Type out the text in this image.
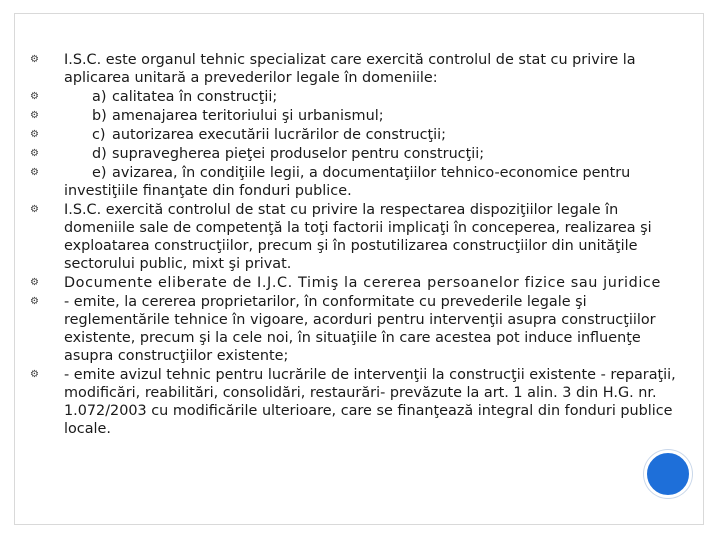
⚙ I.S.C. este organul tehnic specializat care exercită controlul de stat cu privire la aplicarea unitară a prevederilor legale în domeniile:
⚙	a) calitatea în construcţii;
⚙	b) amenajarea teritoriului şi urbanismul;
⚙	c) autorizarea executării lucrărilor de construcţii;
⚙	d) supravegherea pieţei produselor pentru construcţii;
⚙	e) avizarea, în condiţiile legii, a documentaţiilor tehnico-economice pentru investiţiile finanţate din fonduri publice.
⚙ I.S.C. exercită controlul de stat cu privire la respectarea dispoziţiilor legale în domeniile sale de competenţă la toţi factorii implicaţi în conceperea, realizarea şi exploatarea construcţiilor, precum şi în postutilizarea construcţiilor din unităţile sectorului public, mixt şi privat.
⚙ Documente eliberate de I.J.C. Timiş la cererea persoanelor fizice sau juridice
⚙ - emite, la cererea proprietarilor, în conformitate cu prevederile legale şi reglementările tehnice în vigoare, acorduri pentru intervenţii asupra construcţiilor existente, precum şi la cele noi, în situaţiile în care acestea pot induce influenţe asupra construcţiilor existente;
⚙ - emite avizul tehnic pentru lucrările de intervenţii la construcţii existente - reparaţii, modificări, reabilitări, consolidări, restaurări- prevăzute la art. 1 alin. 3 din H.G. nr. 1.072/2003 cu modificările ulterioare, care se finanţează integral din fonduri publice locale.
